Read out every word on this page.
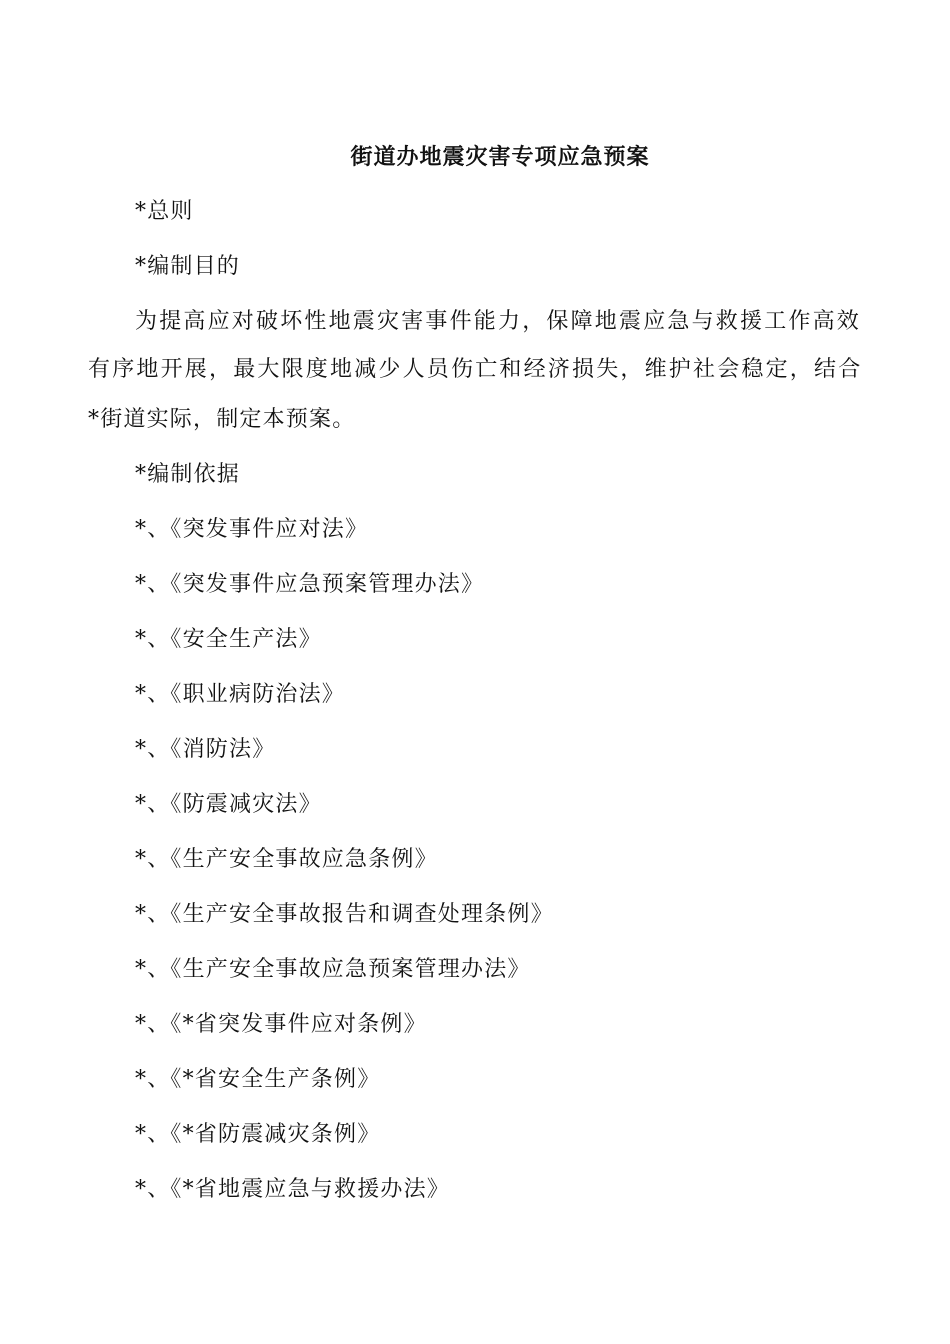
街道办地震灾害专项应急预案
*总则
*编制目的
为提高应对破坏性地震灾害事件能力，保障地震应急与救援工作高效
有序地开展，最大限度地减少人员伤亡和经济损失，维护社会稳定，结合
*街道实际，制定本预案。
*编制依据
*、《突发事件应对法》
*、《突发事件应急预案管理办法》
*、《安全生产法》
*、《职业病防治法》
*、《消防法》
*、《防震减灾法》
*、《生产安全事故应急条例》
*、《生产安全事故报告和调查处理条例》
*、《生产安全事故应急预案管理办法》
*、《*省突发事件应对条例》
*、《*省安全生产条例》
*、《*省防震减灾条例》
*、《*省地震应急与救援办法》
